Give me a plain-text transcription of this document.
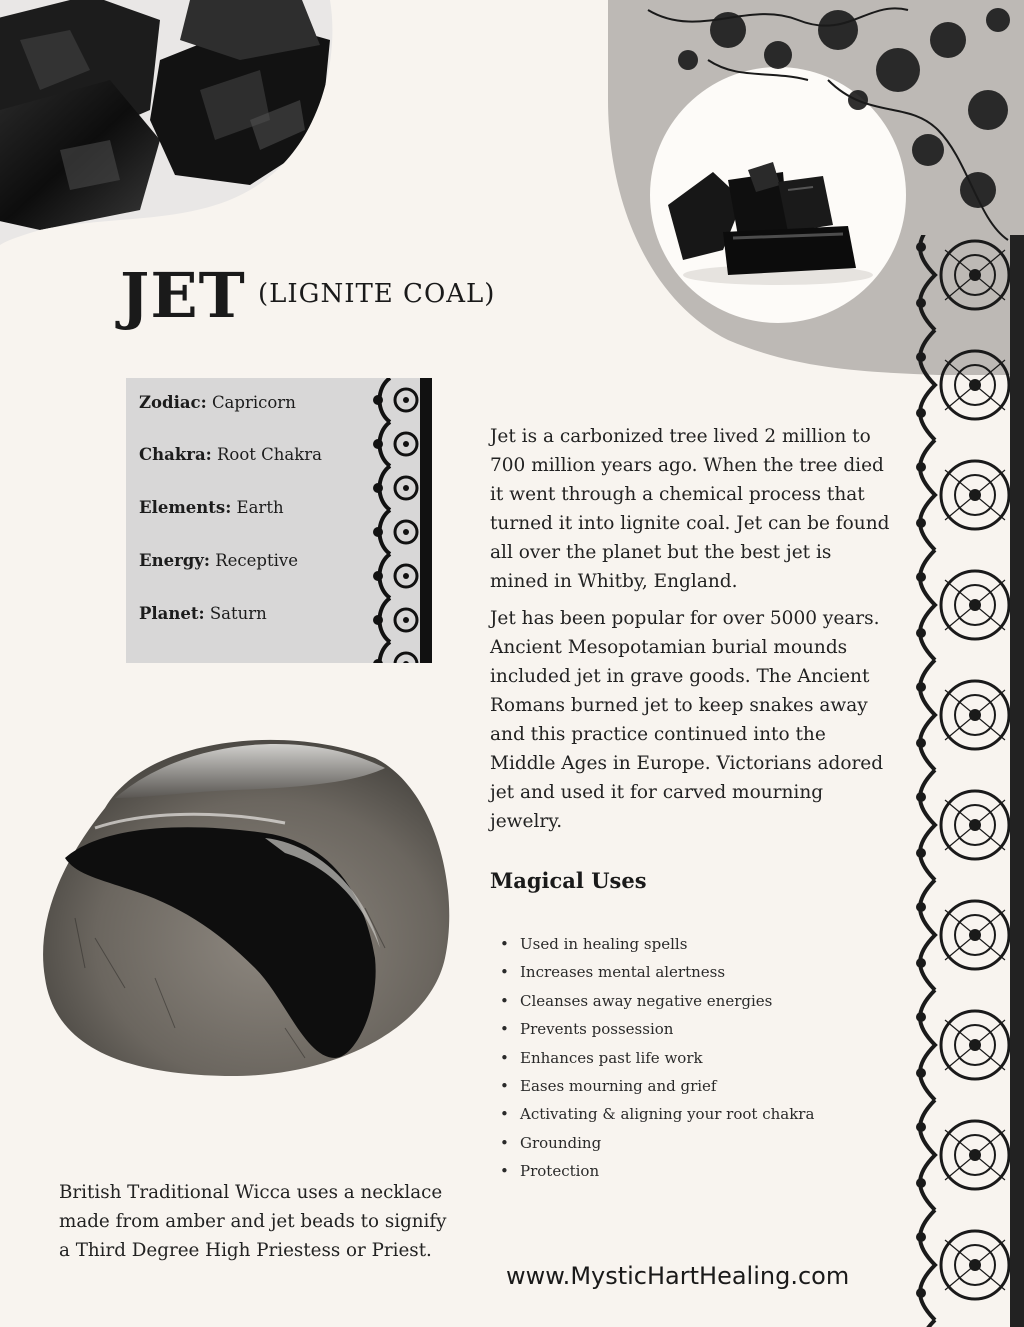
JET (LIGNITE COAL)
Zodiac: Capricorn
Chakra: Root Chakra
Elements: Earth
Energy: Receptive
Planet: Saturn
Jet is a carbonized tree lived 2 million to 700 million years ago. When the tree died it went through a chemical process that turned it into lignite coal. Jet can be found all over the planet but the best jet is mined in Whitby, England.
Jet has been popular for over 5000 years. Ancient Mesopotamian burial mounds included jet in grave goods. The Ancient Romans burned jet to keep snakes away and this practice continued into the Middle Ages in Europe. Victorians adored jet and used it for carved mourning jewelry.
Magical Uses
• Used in healing spells
• Increases mental alertness
• Cleanses away negative energies
• Prevents possession
• Enhances past life work
• Eases mourning and grief
• Activating & aligning your root chakra
• Grounding
• Protection
British Traditional Wicca uses a necklace made from amber and jet beads to signify a Third Degree High Priestess or Priest.
www.MysticHartHealing.com
